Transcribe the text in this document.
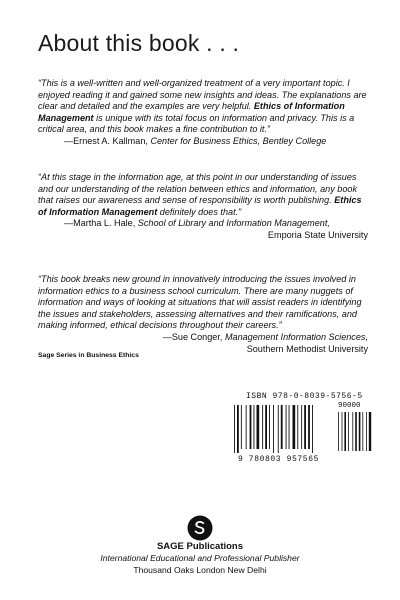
About this book . . .

“This is a well-written and well-organized treatment of a very important topic. I enjoyed reading it and gained some new insights and ideas. The explanations are clear and detailed and the examples are very helpful. Ethics of Information Management is unique with its total focus on information and privacy. This is a critical area, and this book makes a fine contribution to it.”

—Ernest A. Kallman, Center for Business Ethics, Bentley College

“At this stage in the information age, at this point in our understanding of issues and our understanding of the relation between ethics and information, any book that raises our awareness and sense of responsibility is worth publishing. Ethics of Information Management definitely does that.”

—Martha L. Hale, School of Library and Information Management,

Emporia State University

“This book breaks new ground in innovatively introducing the issues involved in information ethics to a business school curriculum. There are many nuggets of information and ways of looking at situations that will assist readers in identifying the issues and stakeholders, assessing alternatives and their ramifications, and making informed, ethical decisions throughout their careers.”

—Sue Conger, Management Information Sciences,

Southern Methodist University

Sage Series in Business Ethics
ISBN 978-0-8039-5756-5
90000
9 780803 957565
SAGE Publications
International Educational and Professional Publisher
Thousand Oaks London New Delhi
